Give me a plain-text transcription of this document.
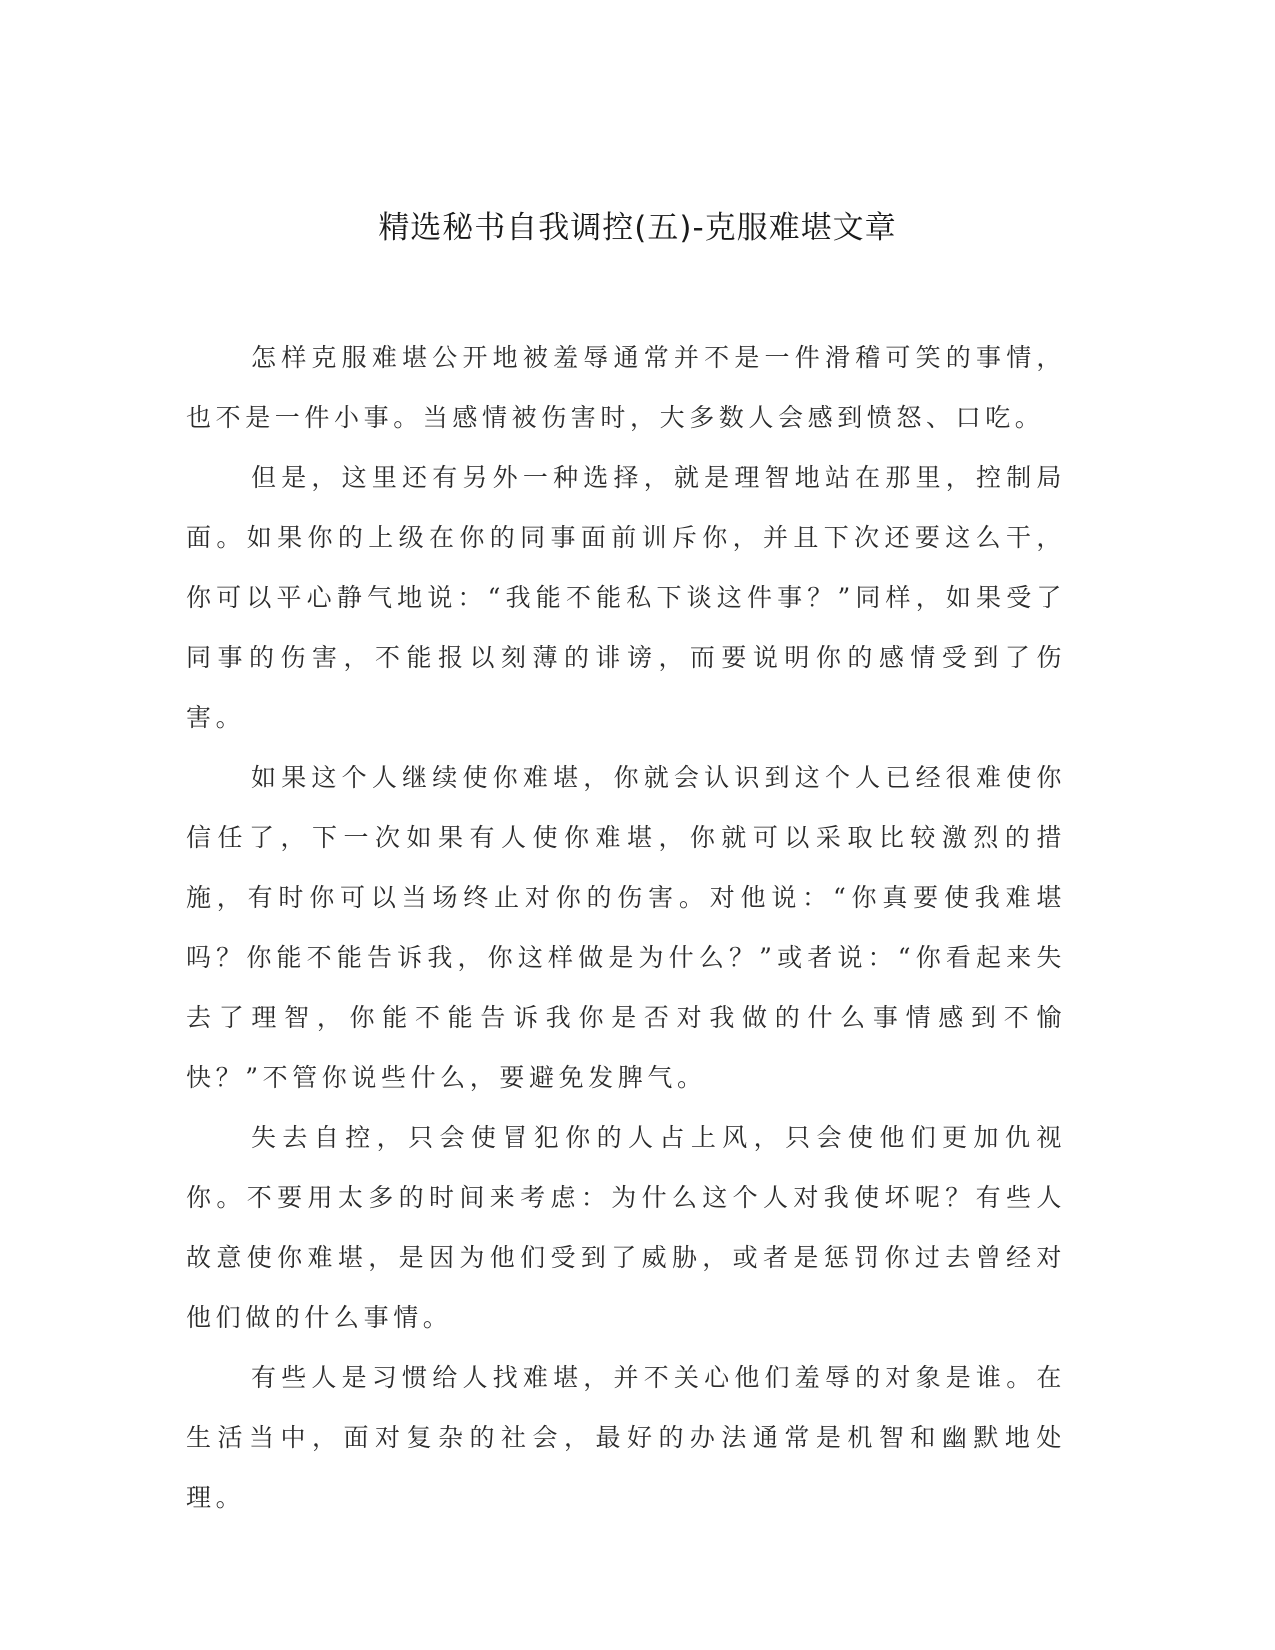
精选秘书自我调控(五)-克服难堪文章

怎样克服难堪公开地被羞辱通常并不是一件滑稽可笑的事情，也不是一件小事。当感情被伤害时，大多数人会感到愤怒、口吃。

但是，这里还有另外一种选择，就是理智地站在那里，控制局面。如果你的上级在你的同事面前训斥你，并且下次还要这么干，你可以平心静气地说：“我能不能私下谈这件事？”同样，如果受了同事的伤害，不能报以刻薄的诽谤，而要说明你的感情受到了伤害。

如果这个人继续使你难堪，你就会认识到这个人已经很难使你信任了，下一次如果有人使你难堪，你就可以采取比较激烈的措施，有时你可以当场终止对你的伤害。对他说：“你真要使我难堪吗？你能不能告诉我，你这样做是为什么？”或者说：“你看起来失去了理智，你能不能告诉我你是否对我做的什么事情感到不愉快？”不管你说些什么，要避免发脾气。

失去自控，只会使冒犯你的人占上风，只会使他们更加仇视你。不要用太多的时间来考虑：为什么这个人对我使坏呢？有些人故意使你难堪，是因为他们受到了威胁，或者是惩罚你过去曾经对他们做的什么事情。

有些人是习惯给人找难堪，并不关心他们羞辱的对象是谁。在生活当中，面对复杂的社会，最好的办法通常是机智和幽默地处理。
